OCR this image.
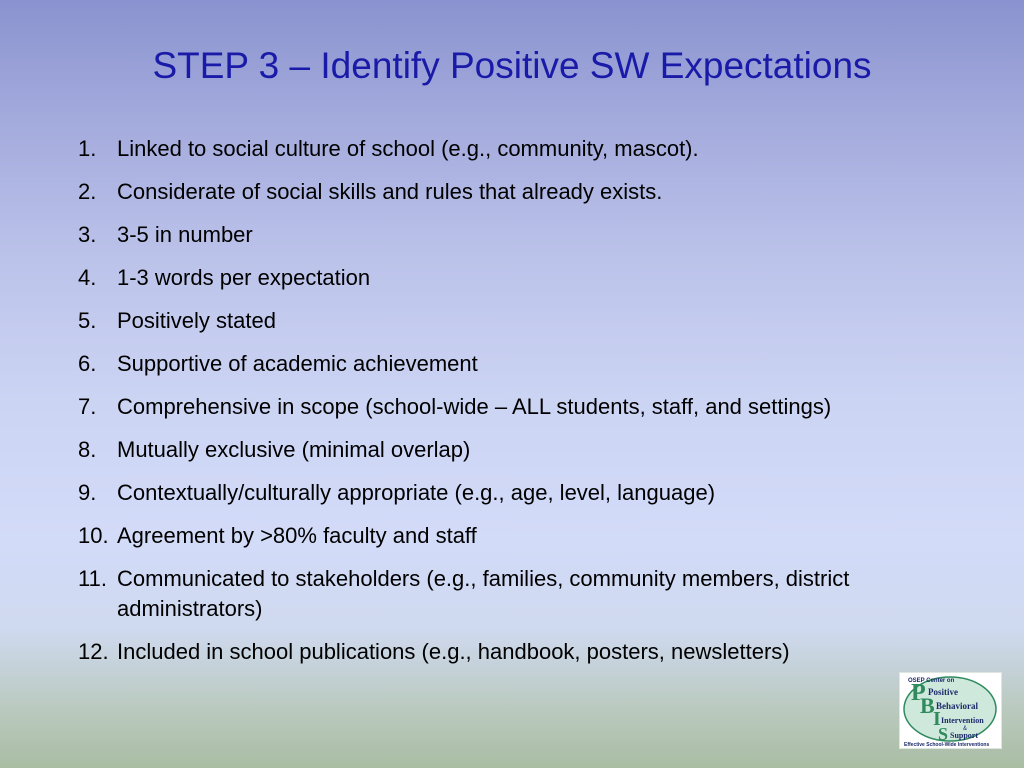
STEP 3 – Identify Positive SW Expectations
1. Linked to social culture of school (e.g., community, mascot).
2. Considerate of social skills and rules that already exists.
3. 3-5 in number
4. 1-3 words per expectation
5. Positively stated
6. Supportive of academic achievement
7. Comprehensive in scope (school-wide – ALL students, staff, and settings)
8. Mutually exclusive (minimal overlap)
9. Contextually/culturally appropriate (e.g., age, level, language)
10. Agreement by >80% faculty and staff
11. Communicated to stakeholders (e.g., families, community members, district administrators)
12. Included in school publications (e.g., handbook, posters, newsletters)
OSEP Center on
P Positive
B Behavioral
I Intervention
&
S Support
Effective School-Wide Interventions
